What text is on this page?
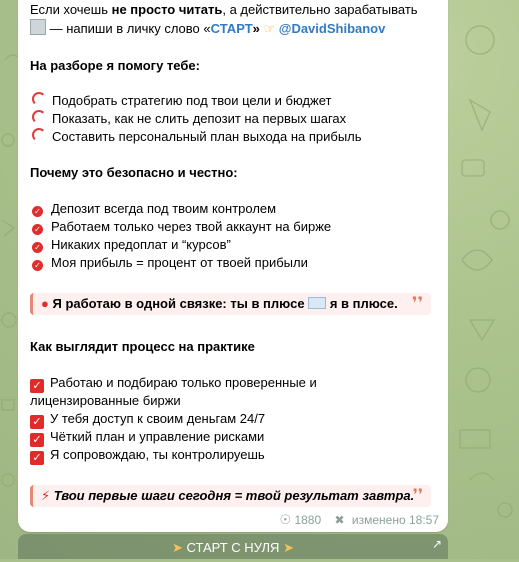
Если хочешь не просто читать, а действительно зарабатывать
— напиши в личку слово «СТАРТ» ☞ @DavidShibanov
На разборе я помогу тебе:
Подобрать стратегию под твои цели и бюджет
Показать, как не слить депозит на первых шагах
Составить персональный план выхода на прибыль
Почему это безопасно и честно:
✓ Депозит всегда под твоим контролем
✓ Работаем только через твой аккаунт на бирже
✓ Никаких предоплат и “курсов”
✓ Моя прибыль = процент от твоей прибыли
● Я работаю в одной связке: ты в плюсе я в плюсе. ❜❜
Как выглядит процесс на практике
✓ Работаю и подбираю только проверенные и
лицензированные биржи
✓ У тебя доступ к своим деньгам 24/7
✓ Чёткий план и управление рисками
✓ Я сопровождаю, ты контролируешь
⚡ Твои первые шаги сегодня = твой результат завтра.
❜❜
☉ 1880 ✖ изменено 18:57
➤ СТАРТ С НУЛЯ ➤	↗
